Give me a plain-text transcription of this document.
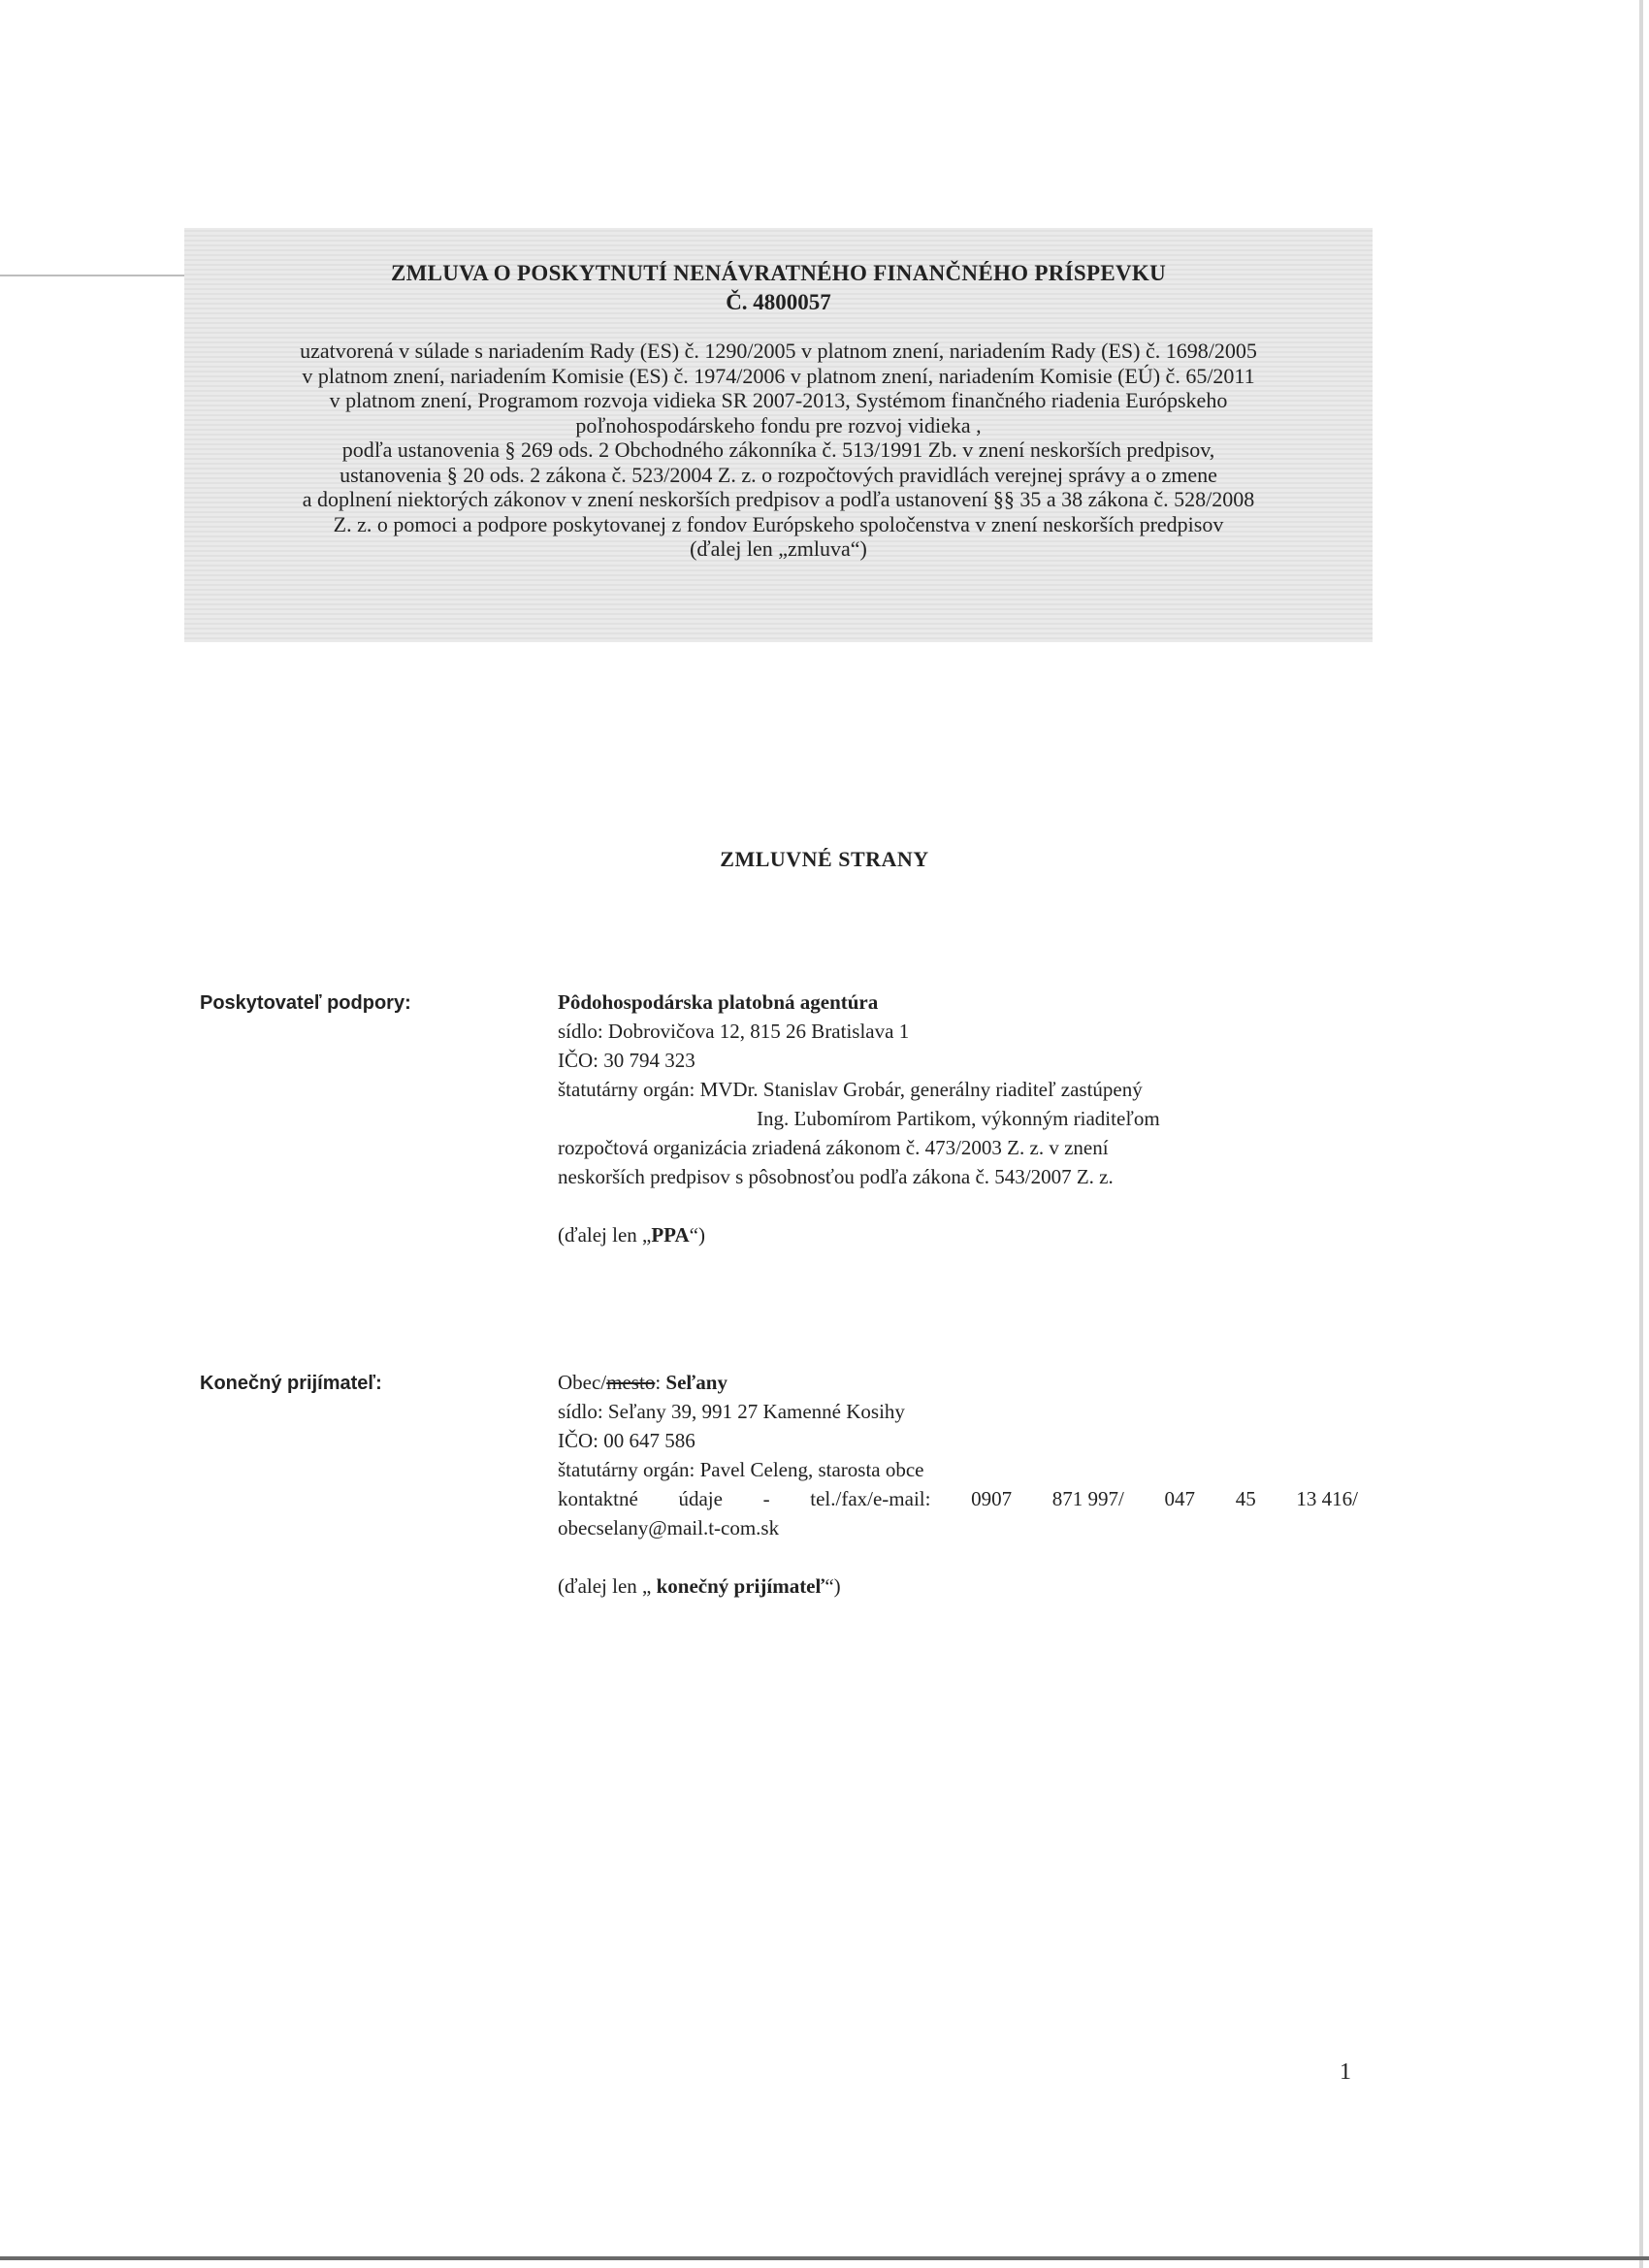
ZMLUVA O POSKYTNUTÍ NENÁVRATNÉHO FINANČNÉHO PRÍSPEVKU
Č. 4800057
uzatvorená v súlade s nariadením Rady (ES) č. 1290/2005 v platnom znení, nariadením Rady (ES) č. 1698/2005
v platnom znení, nariadením Komisie (ES) č. 1974/2006 v platnom znení, nariadením Komisie (EÚ) č. 65/2011
v platnom znení, Programom rozvoja vidieka SR 2007-2013, Systémom finančného riadenia Európskeho
poľnohospodárskeho fondu pre rozvoj vidieka ,
podľa ustanovenia § 269 ods. 2 Obchodného zákonníka č. 513/1991 Zb. v znení neskorších predpisov,
ustanovenia § 20 ods. 2 zákona č. 523/2004 Z. z. o rozpočtových pravidlách verejnej správy a o zmene
a doplnení niektorých zákonov v znení neskorších predpisov a podľa ustanovení §§ 35 a 38 zákona č. 528/2008
Z. z. o pomoci a podpore poskytovanej z fondov Európskeho spoločenstva v znení neskorších predpisov
(ďalej len „zmluva“)
ZMLUVNÉ STRANY
Poskytovateľ podpory:	Pôdohospodárska platobná agentúra
sídlo: Dobrovičova 12, 815 26 Bratislava 1
IČO: 30 794 323
štatutárny orgán: MVDr. Stanislav Grobár, generálny riaditeľ zastúpený
Ing. Ľubomírom Partikom, výkonným riaditeľom
rozpočtová organizácia zriadená zákonom č. 473/2003 Z. z. v znení
neskorších predpisov s pôsobnosťou podľa zákona č. 543/2007 Z. z.
(ďalej len „PPA“)
Konečný prijímateľ:	Obec/mesto: Seľany
sídlo: Seľany 39, 991 27 Kamenné Kosihy
IČO: 00 647 586
štatutárny orgán: Pavel Celeng, starosta obce
kontaktné údaje - tel./fax/e-mail: 0907 871 997/ 047 45 13 416/
obecselany@mail.t-com.sk
(ďalej len „ konečný prijímateľ“)
1
